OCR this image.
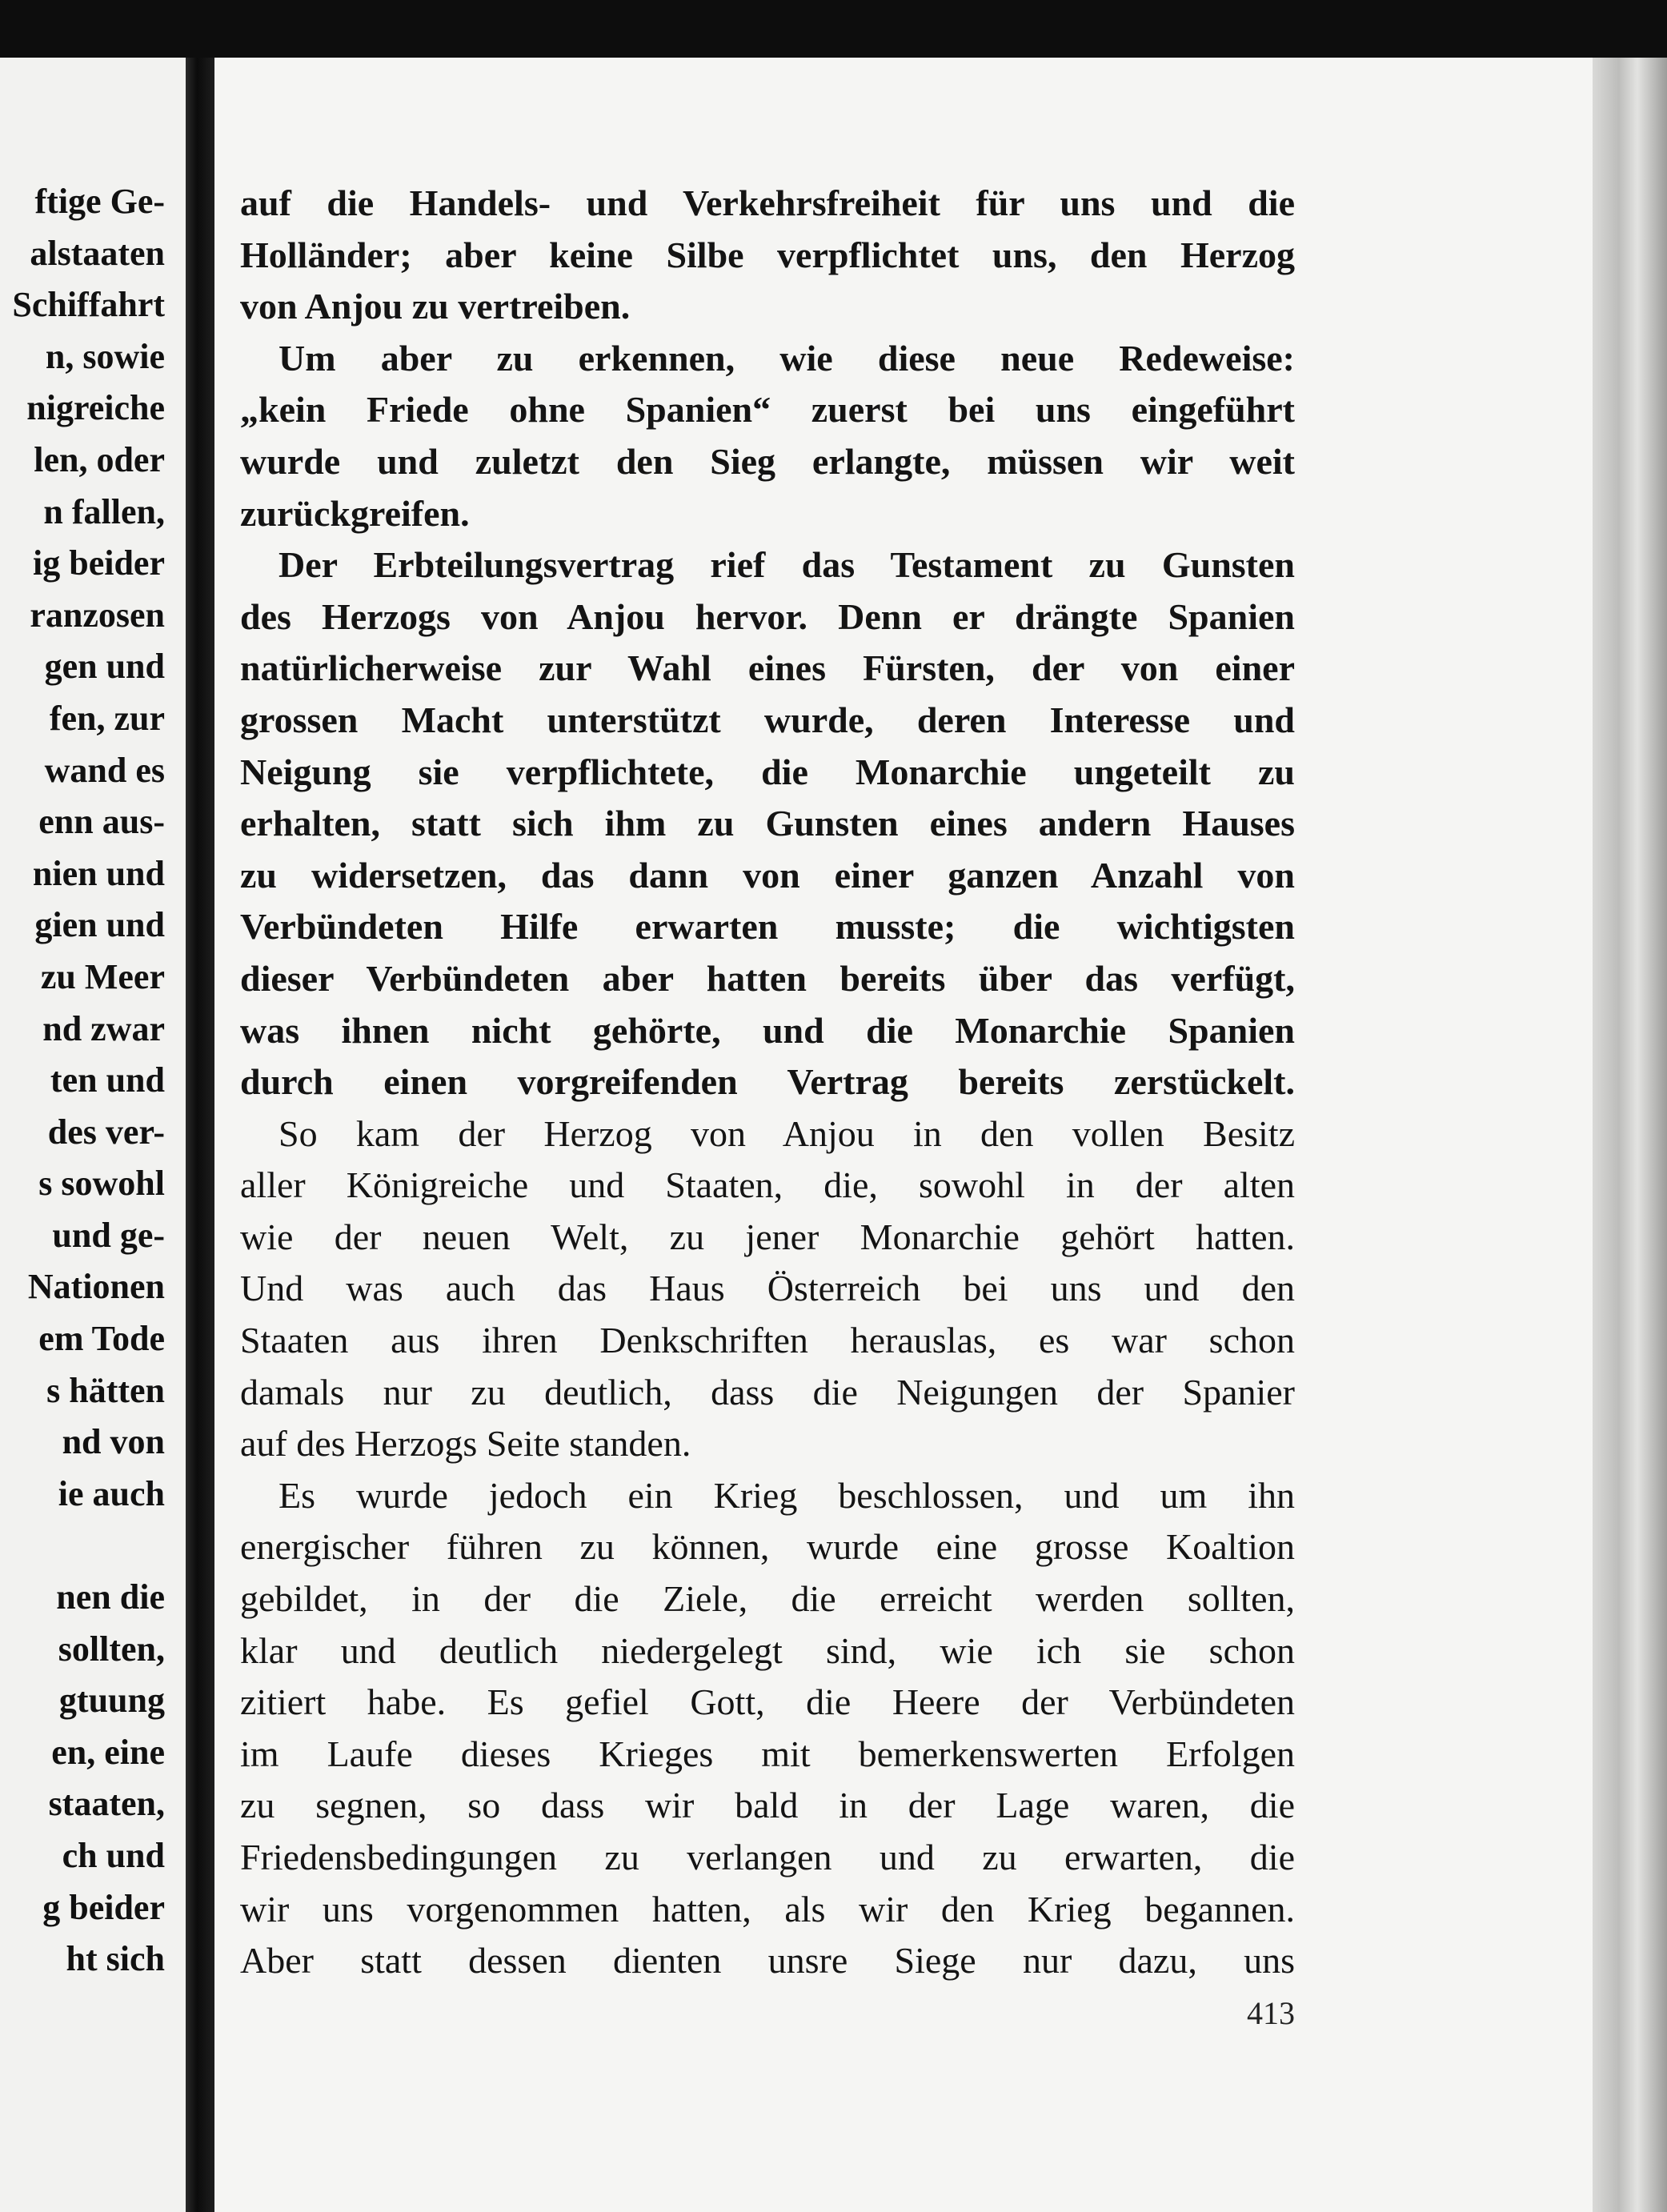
ftige Ge-
alstaaten
Schiffahrt
n, sowie
nigreiche
len, oder
n fallen,
ig beider
ranzosen
gen und
fen, zur
wand es
enn aus-
nien und
gien und
zu Meer
nd zwar
ten und
des ver-
s sowohl
und ge-
Nationen
em Tode
s hätten
nd von
ie auch
nen die
sollten,
gtuung
en, eine
staaten,
ch und
g beider
ht sich
auf die Handels- und Verkehrsfreiheit für uns und die
Holländer; aber keine Silbe verpflichtet uns, den Herzog
von Anjou zu vertreiben.
Um aber zu erkennen, wie diese neue Redeweise:
„kein Friede ohne Spanien“ zuerst bei uns eingeführt
wurde und zuletzt den Sieg erlangte, müssen wir weit
zurückgreifen.
Der Erbteilungsvertrag rief das Testament zu Gunsten
des Herzogs von Anjou hervor. Denn er drängte Spanien
natürlicherweise zur Wahl eines Fürsten, der von einer
grossen Macht unterstützt wurde, deren Interesse und
Neigung sie verpflichtete, die Monarchie ungeteilt zu
erhalten, statt sich ihm zu Gunsten eines andern Hauses
zu widersetzen, das dann von einer ganzen Anzahl von
Verbündeten Hilfe erwarten musste; die wichtigsten
dieser Verbündeten aber hatten bereits über das verfügt,
was ihnen nicht gehörte, und die Monarchie Spanien
durch einen vorgreifenden Vertrag bereits zerstückelt.
So kam der Herzog von Anjou in den vollen Besitz
aller Königreiche und Staaten, die, sowohl in der alten
wie der neuen Welt, zu jener Monarchie gehört hatten.
Und was auch das Haus Österreich bei uns und den
Staaten aus ihren Denkschriften herauslas, es war schon
damals nur zu deutlich, dass die Neigungen der Spanier
auf des Herzogs Seite standen.
Es wurde jedoch ein Krieg beschlossen, und um ihn
energischer führen zu können, wurde eine grosse Koaltion
gebildet, in der die Ziele, die erreicht werden sollten,
klar und deutlich niedergelegt sind, wie ich sie schon
zitiert habe. Es gefiel Gott, die Heere der Verbündeten
im Laufe dieses Krieges mit bemerkenswerten Erfolgen
zu segnen, so dass wir bald in der Lage waren, die
Friedensbedingungen zu verlangen und zu erwarten, die
wir uns vorgenommen hatten, als wir den Krieg begannen.
Aber statt dessen dienten unsre Siege nur dazu, uns
413
